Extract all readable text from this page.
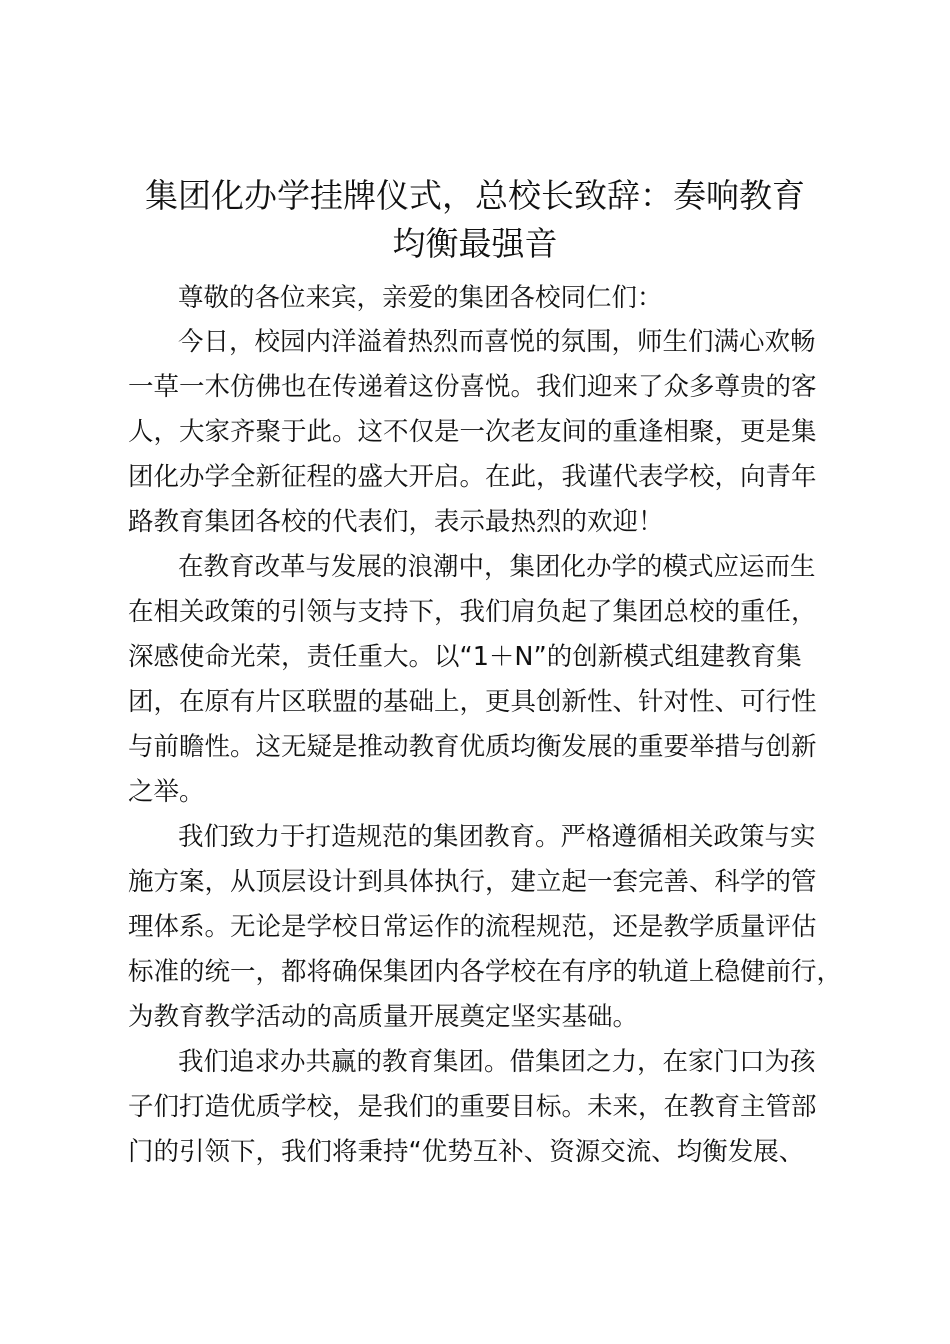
集团化办学挂牌仪式，总校长致辞：奏响教育
均衡最强音

尊敬的各位来宾，亲爱的集团各校同仁们：

今日，校园内洋溢着热烈而喜悦的氛围，师生们满心欢畅

一草一木仿佛也在传递着这份喜悦。我们迎来了众多尊贵的客

人，大家齐聚于此。这不仅是一次老友间的重逢相聚，更是集

团化办学全新征程的盛大开启。在此，我谨代表学校，向青年

路教育集团各校的代表们，表示最热烈的欢迎！

在教育改革与发展的浪潮中，集团化办学的模式应运而生

在相关政策的引领与支持下，我们肩负起了集团总校的重任，

深感使命光荣，责任重大。以“1＋N”的创新模式组建教育集

团，在原有片区联盟的基础上，更具创新性、针对性、可行性

与前瞻性。这无疑是推动教育优质均衡发展的重要举措与创新

之举。

我们致力于打造规范的集团教育。严格遵循相关政策与实

施方案，从顶层设计到具体执行，建立起一套完善、科学的管

理体系。无论是学校日常运作的流程规范，还是教学质量评估

标准的统一，都将确保集团内各学校在有序的轨道上稳健前行，

为教育教学活动的高质量开展奠定坚实基础。

我们追求办共赢的教育集团。借集团之力，在家门口为孩

子们打造优质学校，是我们的重要目标。未来，在教育主管部

门的引领下，我们将秉持“优势互补、资源交流、均衡发展、
